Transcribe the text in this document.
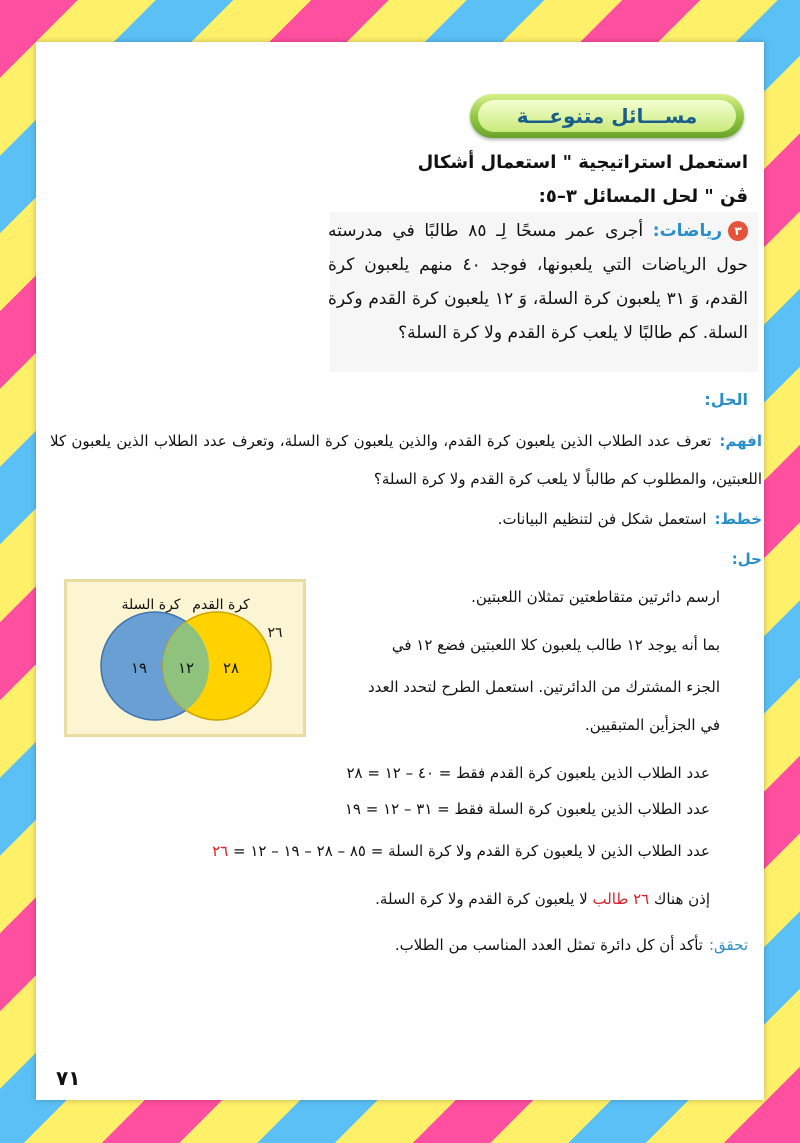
مســـائل متنوعـــة
استعمل استراتيجية " استعمال أشكال ڤن " لحل المسائل ٣–٥:
٣رياضات: أجرى عمر مسحًا لِـ ٨٥ طالبًا في مدرسته حول الرياضات التي يلعبونها، فوجد ٤٠ منهم يلعبون كرة القدم، وَ ٣١ يلعبون كرة السلة، وَ ١٢ يلعبون كرة القدم وكرة السلة. كم طالبًا لا يلعب كرة القدم ولا كرة السلة؟
الحل:
افهم:تعرف عدد الطلاب الذين يلعبون كرة القدم، والذين يلعبون كرة السلة، وتعرف عدد الطلاب الذين يلعبون كلا اللعبتين، والمطلوب كم طالباً لا يلعب كرة القدم ولا كرة السلة؟
خطط:استعمل شكل فن لتنظيم البيانات.
حل:
كرة السلة كرة القدم
٢٦
١٩ ١٢ ٢٨
ارسم دائرتين متقاطعتين تمثلان اللعبتين.
بما أنه يوجد ١٢ طالب يلعبون كلا اللعبتين فضع ١٢ في
الجزء المشترك من الدائرتين. استعمل الطرح لتحدد العدد
في الجزأين المتبقيين.
عدد الطلاب الذين يلعبون كرة القدم فقط = ٤٠ – ١٢ = ٢٨
عدد الطلاب الذين يلعبون كرة السلة فقط = ٣١ – ١٢ = ١٩
عدد الطلاب الذين لا يلعبون كرة القدم ولا كرة السلة = ٨٥ – ٢٨ – ١٩ – ١٢ = ٢٦
إذن هناك ٢٦ طالب لا يلعبون كرة القدم ولا كرة السلة.
تحقق:تأكد أن كل دائرة تمثل العدد المناسب من الطلاب.
٧١
